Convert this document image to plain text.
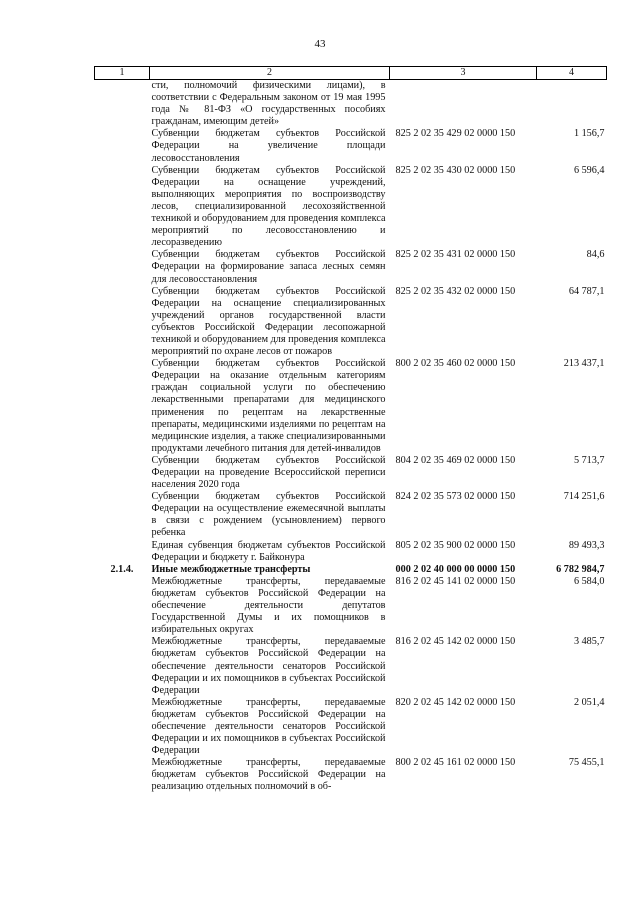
43
1	2	3	4
	сти, полномочий физическими лицами), в соответствии с Федеральным законом от 19 мая 1995 года № 81-ФЗ «О государственных пособиях гражданам, имеющим детей»		
	Субвенции бюджетам субъектов Российской Федерации на увеличение площади лесовосстановления	825 2 02 35 429 02 0000 150	1 156,7
	Субвенции бюджетам субъектов Российской Федерации на оснащение учреждений, выполняющих мероприятия по воспроизводству лесов, специализированной лесохозяйственной техникой и оборудованием для проведения комплекса мероприятий по лесовосстановлению и лесоразведению	825 2 02 35 430 02 0000 150	6 596,4
	Субвенции бюджетам субъектов Российской Федерации на формирование запаса лесных семян для лесовосстановления	825 2 02 35 431 02 0000 150	84,6
	Субвенции бюджетам субъектов Российской Федерации на оснащение специализированных учреждений органов государственной власти субъектов Российской Федерации лесопожарной техникой и оборудованием для проведения комплекса мероприятий по охране лесов от пожаров	825 2 02 35 432 02 0000 150	64 787,1
	Субвенции бюджетам субъектов Российской Федерации на оказание отдельным категориям граждан социальной услуги по обеспечению лекарственными препаратами для медицинского применения по рецептам на лекарственные препараты, медицинскими изделиями по рецептам на медицинские изделия, а также специализированными продуктами лечебного питания для детей-инвалидов	800 2 02 35 460 02 0000 150	213 437,1
	Субвенции бюджетам субъектов Российской Федерации на проведение Всероссийской переписи населения 2020 года	804 2 02 35 469 02 0000 150	5 713,7
	Субвенции бюджетам субъектов Российской Федерации на осуществление ежемесячной выплаты в связи с рождением (усыновлением) первого ребенка	824 2 02 35 573 02 0000 150	714 251,6
	Единая субвенция бюджетам субъектов Российской Федерации и бюджету г. Байконура	805 2 02 35 900 02 0000 150	89 493,3
2.1.4.	Иные межбюджетные трансферты	000 2 02 40 000 00 0000 150	6 782 984,7
	Межбюджетные трансферты, передаваемые бюджетам субъектов Российской Федерации на обеспечение деятельности депутатов Государственной Думы и их помощников в избирательных округах	816 2 02 45 141 02 0000 150	6 584,0
	Межбюджетные трансферты, передаваемые бюджетам субъектов Российской Федерации на обеспечение деятельности сенаторов Российской Федерации и их помощников в субъектах Российской Федерации	816 2 02 45 142 02 0000 150	3 485,7
	Межбюджетные трансферты, передаваемые бюджетам субъектов Российской Федерации на обеспечение деятельности сенаторов Российской Федерации и их помощников в субъектах Российской Федерации	820 2 02 45 142 02 0000 150	2 051,4
	Межбюджетные трансферты, передаваемые бюджетам субъектов Российской Федерации на реализацию отдельных полномочий в об-	800 2 02 45 161 02 0000 150	75 455,1
